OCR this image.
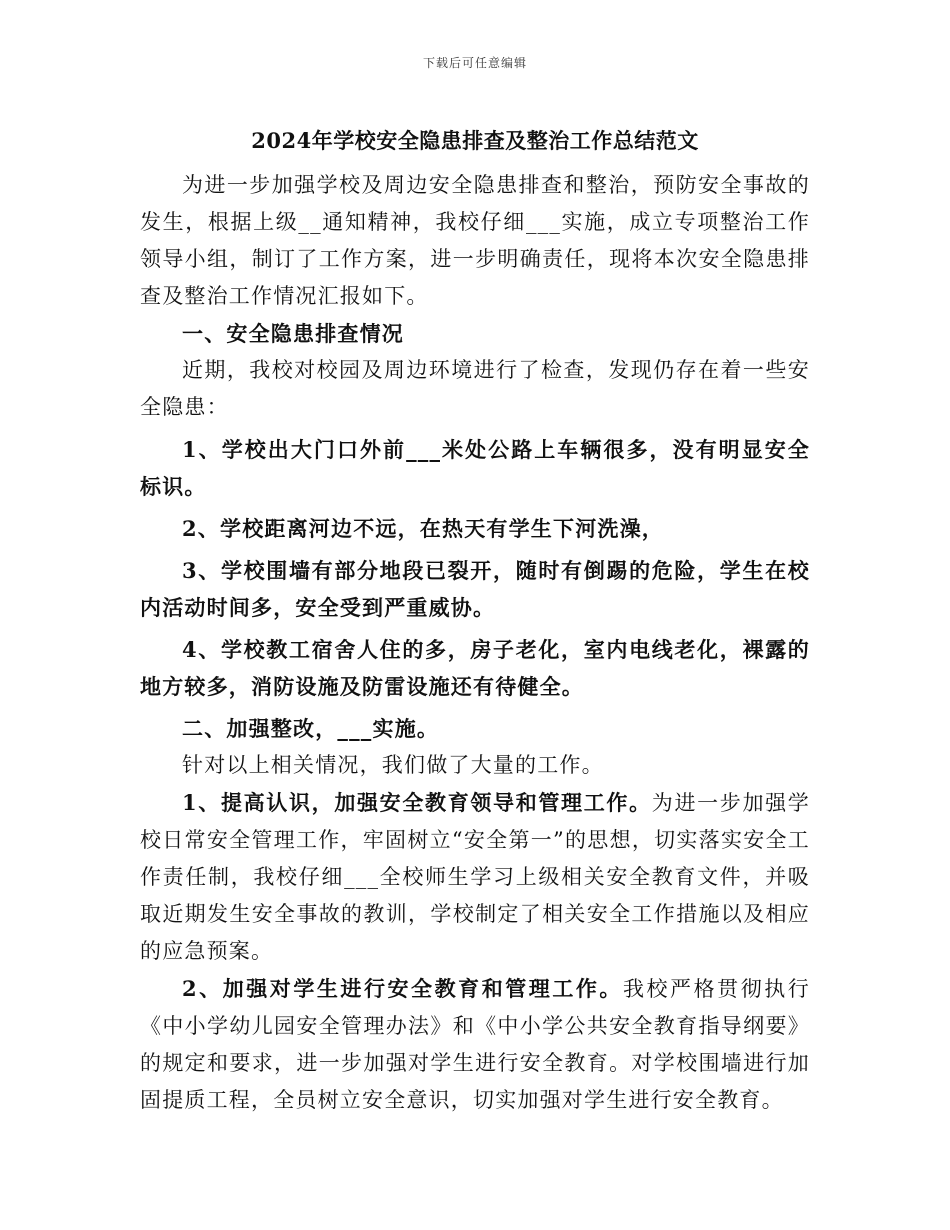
下载后可任意编辑
2024年学校安全隐患排查及整治工作总结范文

为进一步加强学校及周边安全隐患排查和整治，预防安全事故的发生，根据上级__通知精神，我校仔细___实施，成立专项整治工作领导小组，制订了工作方案，进一步明确责任，现将本次安全隐患排查及整治工作情况汇报如下。

一、安全隐患排查情况

近期，我校对校园及周边环境进行了检查，发现仍存在着一些安全隐患：

1、学校出大门口外前___米处公路上车辆很多，没有明显安全标识。

2、学校距离河边不远，在热天有学生下河洗澡，

3、学校围墙有部分地段已裂开，随时有倒踢的危险，学生在校内活动时间多，安全受到严重威协。

4、学校教工宿舍人住的多，房子老化，室内电线老化，裸露的地方较多，消防设施及防雷设施还有待健全。

二、加强整改，___实施。

针对以上相关情况，我们做了大量的工作。

1、提高认识，加强安全教育领导和管理工作。为进一步加强学校日常安全管理工作，牢固树立“安全第一”的思想，切实落实安全工作责任制，我校仔细___全校师生学习上级相关安全教育文件，并吸取近期发生安全事故的教训，学校制定了相关安全工作措施以及相应的应急预案。

2、加强对学生进行安全教育和管理工作。我校严格贯彻执行《中小学幼儿园安全管理办法》和《中小学公共安全教育指导纲要》的规定和要求，进一步加强对学生进行安全教育。对学校围墙进行加固提质工程，全员树立安全意识，切实加强对学生进行安全教育。
